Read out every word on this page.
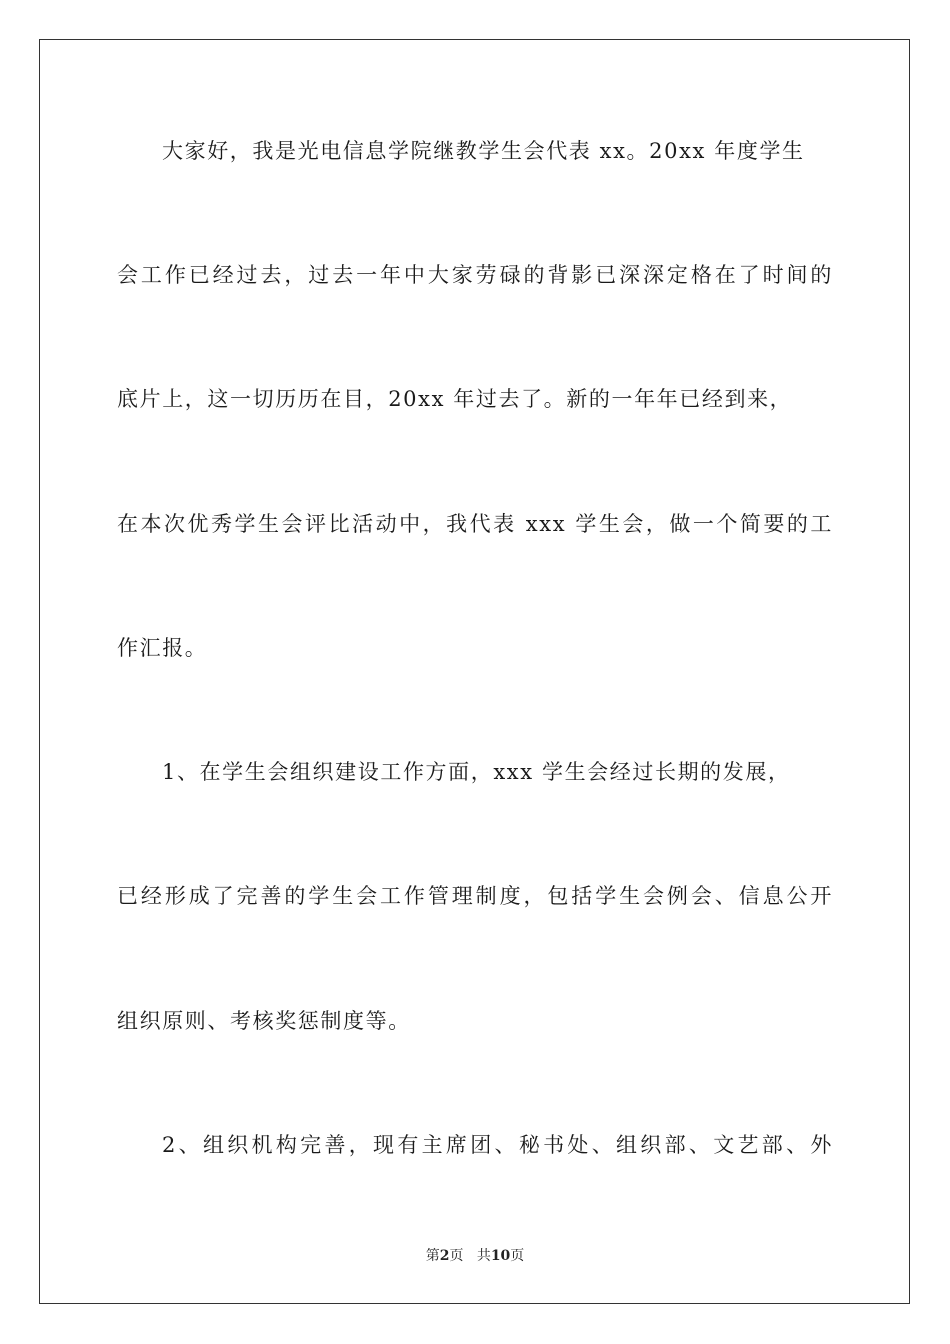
大家好，我是光电信息学院继教学生会代表 xx。20xx 年度学生
会工作已经过去，过去一年中大家劳碌的背影已深深定格在了时间的
底片上，这一切历历在目，20xx 年过去了。新的一年年已经到来，
在本次优秀学生会评比活动中，我代表 xxx 学生会，做一个简要的工
作汇报。
1、在学生会组织建设工作方面，xxx 学生会经过长期的发展，
已经形成了完善的学生会工作管理制度，包括学生会例会、信息公开
组织原则、考核奖惩制度等。
2、组织机构完善，现有主席团、秘书处、组织部、文艺部、外
第2页 共10页
